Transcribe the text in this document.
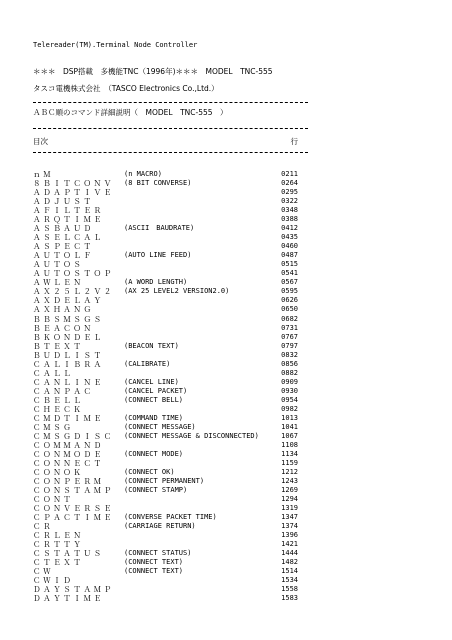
Telereader(TM).Terminal Node Controller
＊＊＊　DSP搭載　多機能TNC（1996年)＊＊＊　MODEL　TNC-555
タスコ電機株式会社　（TASCO Electronics Co.,Ltd.）
ＡＢＣ順のコマンド詳細説明（　MODEL　TNC-555　）
目次	行
ｎＭ	(n MACRO)	0211
８ＢＩＴＣＯＮＶ (8 BIT CONVERSE)	0264
ＡＤＡＰＴＩＶＥ	0295
ＡＤＪＵＳＴ	0322
ＡＦＩＬＴＥＲ	0348
ＡＲＱＴＩＭＥ	0388
ＡＳＢＡＵＤ	(ASCII　BAUDRATE)	0412
ＡＳＥＬＣＡＬ	0435
ＡＳＰＥＣＴ	0460
ＡＵＴＯＬＦ	(AUTO LINE FEED)	0487
ＡＵＴＯＳ	0515
ＡＵＴＯＳＴＯＰ	0541
ＡＷＬＥＮ	(A WORD LENGTH)	0567
ＡＸ２５Ｌ２Ｖ２ (AX 25 LEVEL2 VERSION2.0)	0595
ＡＸＤＥＬＡＹ	0626
ＡＸＨＡＮＧ	0650
ＢＢＳＭＳＧＳ	0682
ＢＥＡＣＯＮ	0731
ＢＫＯＮＤＥＬ	0767
ＢＴＥＸＴ	(BEACON TEXT)	0797
ＢＵＤＬＩＳＴ	0832
ＣＡＬＩＢＲＡ	(CALIBRATE)	0856
ＣＡＬＬ	0882
ＣＡＮＬＩＮＥ	(CANCEL LINE)	0909
ＣＡＮＰＡＣ	(CANCEL PACKET)	0930
ＣＢＥＬＬ	(CONNECT BELL)	0954
ＣＨＥＣＫ	0982
ＣＭＤＴＩＭＥ	(COMMAND TIME)	1013
ＣＭＳＧ	(CONNECT MESSAGE)	1041
ＣＭＳＧＤＩＳＣ (CONNECT MESSAGE & DISCONNECTED)	1067
ＣＯＭＭＡＮＤ	1108
ＣＯＮＭＯＤＥ	(CONNECT MODE)	1134
ＣＯＮＮＥＣＴ	1159
ＣＯＮＯＫ	(CONNECT OK)	1212
ＣＯＮＰＥＲＭ	(CONNECT PERMANENT)	1243
ＣＯＮＳＴＡＭＰ (CONNECT STAMP)	1269
ＣＯＮＴ	1294
ＣＯＮＶＥＲＳＥ	1319
ＣＰＡＣＴＩＭＥ (CONVERSE PACKET TIME)	1347
ＣＲ	(CARRIAGE RETURN)	1374
ＣＲＬＥＮ	1396
ＣＲＴＴＹ	1421
ＣＳＴＡＴＵＳ	(CONNECT STATUS)	1444
ＣＴＥＸＴ	(CONNECT TEXT)	1482
ＣＷ	(CONNECT TEXT)	1514
ＣＷＩＤ	1534
ＤＡＹＳＴＡＭＰ	1558
ＤＡＹＴＩＭＥ	1583
